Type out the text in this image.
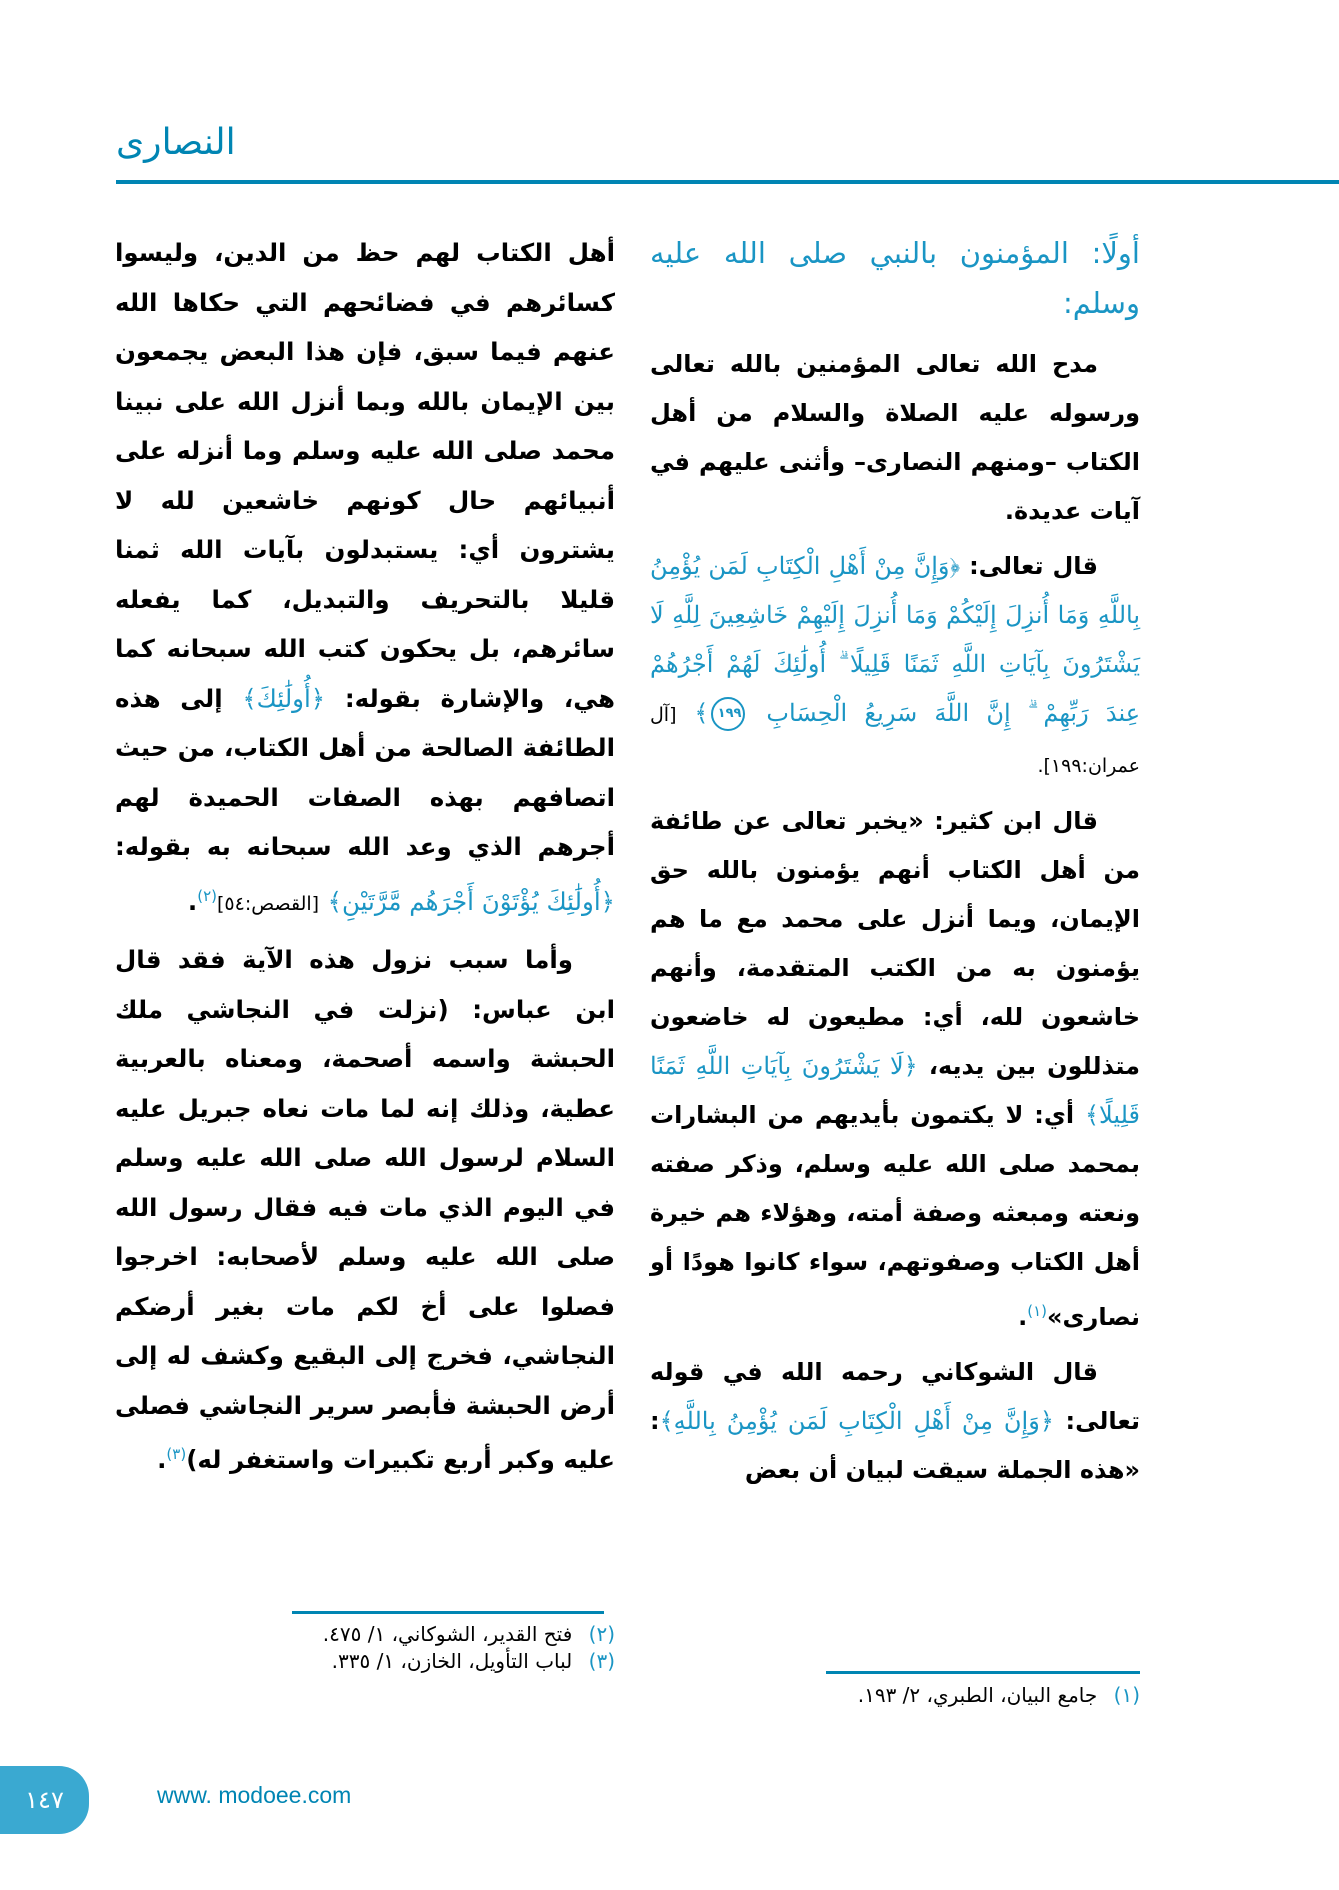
النصارى
أولًا: المؤمنون بالنبي صلى الله عليه وسلم:

مدح الله تعالى المؤمنين بالله تعالى ورسوله عليه الصلاة والسلام من أهل الكتاب –ومنهم النصارى– وأثنى عليهم في آيات عديدة.

قال تعالى: ﴿وَإِنَّ مِنْ أَهْلِ الْكِتَابِ لَمَن يُؤْمِنُ بِاللَّهِ وَمَا أُنزِلَ إِلَيْكُمْ وَمَا أُنزِلَ إِلَيْهِمْ خَاشِعِينَ لِلَّهِ لَا يَشْتَرُونَ بِآيَاتِ اللَّهِ ثَمَنًا قَلِيلًا ۗ أُولَٰئِكَ لَهُمْ أَجْرُهُمْ عِندَ رَبِّهِمْ ۗ إِنَّ اللَّهَ سَرِيعُ الْحِسَابِ ١٩٩﴾ [آل عمران:١٩٩].

قال ابن كثير: «يخبر تعالى عن طائفة من أهل الكتاب أنهم يؤمنون بالله حق الإيمان، ويما أنزل على محمد مع ما هم يؤمنون به من الكتب المتقدمة، وأنهم خاشعون لله، أي: مطيعون له خاضعون متذللون بين يديه، ﴿لَا يَشْتَرُونَ بِآيَاتِ اللَّهِ ثَمَنًا قَلِيلًا﴾ أي: لا يكتمون بأيديهم من البشارات بمحمد صلى الله عليه وسلم، وذكر صفته ونعته ومبعثه وصفة أمته، وهؤلاء هم خيرة أهل الكتاب وصفوتهم، سواء كانوا هودًا أو نصارى»$^{(١)}$.

قال الشوكاني رحمه الله في قوله تعالى: ﴿وَإِنَّ مِنْ أَهْلِ الْكِتَابِ لَمَن يُؤْمِنُ بِاللَّهِ﴾: «هذه الجملة سيقت لبيان أن بعض

(١) جامع البيان، الطبري، ٢/ ١٩٣.

أهل الكتاب لهم حظ من الدين، وليسوا كسائرهم في فضائحهم التي حكاها الله عنهم فيما سبق، فإن هذا البعض يجمعون بين الإيمان بالله وبما أنزل الله على نبينا محمد صلى الله عليه وسلم وما أنزله على أنبيائهم حال كونهم خاشعين لله لا يشترون أي: يستبدلون بآيات الله ثمنا قليلا بالتحريف والتبديل، كما يفعله سائرهم، بل يحكون كتب الله سبحانه كما هي، والإشارة بقوله: ﴿أُولَٰئِكَ﴾ إلى هذه الطائفة الصالحة من أهل الكتاب، من حيث اتصافهم بهذه الصفات الحميدة لهم أجرهم الذي وعد الله سبحانه به بقوله: ﴿أُولَٰئِكَ يُؤْتَوْنَ أَجْرَهُم مَّرَّتَيْنِ﴾ [القصص:٥٤]$^{(٢)}$.

وأما سبب نزول هذه الآية فقد قال ابن عباس: (نزلت في النجاشي ملك الحبشة واسمه أصحمة، ومعناه بالعربية عطية، وذلك إنه لما مات نعاه جبريل عليه السلام لرسول الله صلى الله عليه وسلم في اليوم الذي مات فيه فقال رسول الله صلى الله عليه وسلم لأصحابه: اخرجوا فصلوا على أخ لكم مات بغير أرضكم النجاشي، فخرج إلى البقيع وكشف له إلى أرض الحبشة فأبصر سرير النجاشي فصلى عليه وكبر أربع تكبيرات واستغفر له)$^{(٣)}$.

(٢) فتح القدير، الشوكاني، ١/ ٤٧٥.
(٣) لباب التأويل، الخازن، ١/ ٣٣٥.
١٤٧	www. modoee.com
